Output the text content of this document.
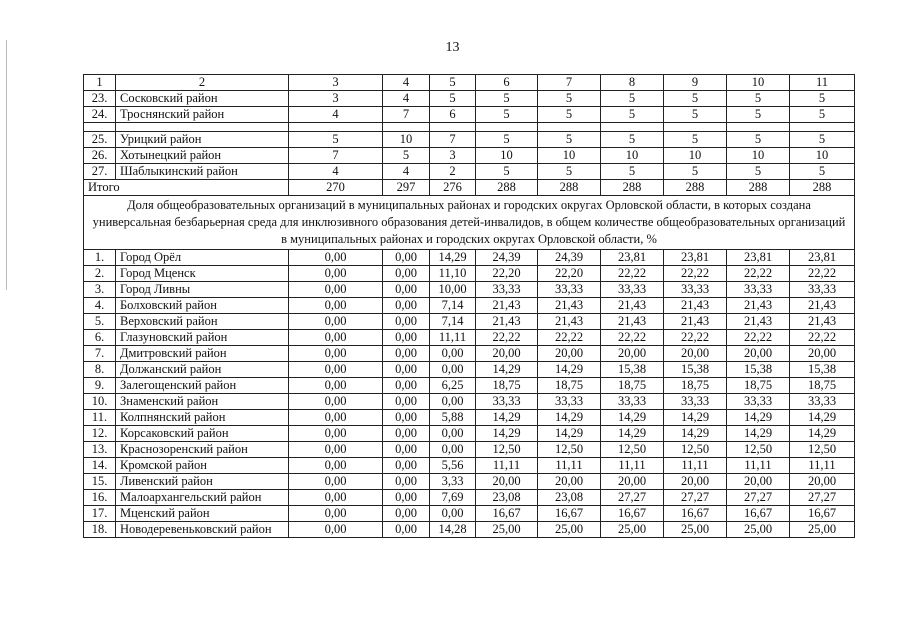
13
1	2	3	4	5	6	7	8	9	10	11
23.	Сосковский район	3	4	5	5	5	5	5	5	5
24.	Троснянский район	4	7	6	5	5	5	5	5	5

25.	Урицкий район	5	10	7	5	5	5	5	5	5
26.	Хотынецкий район	7	5	3	10	10	10	10	10	10
27.	Шаблыкинский район	4	4	2	5	5	5	5	5	5
Итого		270	297	276	288	288	288	288	288	288
Доля общеобразовательных организаций в муниципальных районах и городских округах Орловской области, в которых создана универсальная безбарьерная среда для инклюзивного образования детей-инвалидов, в общем количестве общеобразовательных организаций в муниципальных районах и городских округах Орловской области, %										
1.	Город Орёл	0,00	0,00	14,29	24,39	24,39	23,81	23,81	23,81	23,81
2.	Город Мценск	0,00	0,00	11,10	22,20	22,20	22,22	22,22	22,22	22,22
3.	Город Ливны	0,00	0,00	10,00	33,33	33,33	33,33	33,33	33,33	33,33
4.	Болховский район	0,00	0,00	7,14	21,43	21,43	21,43	21,43	21,43	21,43
5.	Верховский район	0,00	0,00	7,14	21,43	21,43	21,43	21,43	21,43	21,43
6.	Глазуновский район	0,00	0,00	11,11	22,22	22,22	22,22	22,22	22,22	22,22
7.	Дмитровский район	0,00	0,00	0,00	20,00	20,00	20,00	20,00	20,00	20,00
8.	Должанский район	0,00	0,00	0,00	14,29	14,29	15,38	15,38	15,38	15,38
9.	Залегощенский район	0,00	0,00	6,25	18,75	18,75	18,75	18,75	18,75	18,75
10.	Знаменский район	0,00	0,00	0,00	33,33	33,33	33,33	33,33	33,33	33,33
11.	Колпнянский район	0,00	0,00	5,88	14,29	14,29	14,29	14,29	14,29	14,29
12.	Корсаковский район	0,00	0,00	0,00	14,29	14,29	14,29	14,29	14,29	14,29
13.	Краснозоренский район	0,00	0,00	0,00	12,50	12,50	12,50	12,50	12,50	12,50
14.	Кромской район	0,00	0,00	5,56	11,11	11,11	11,11	11,11	11,11	11,11
15.	Ливенский район	0,00	0,00	3,33	20,00	20,00	20,00	20,00	20,00	20,00
16.	Малоархангельский район	0,00	0,00	7,69	23,08	23,08	27,27	27,27	27,27	27,27
17.	Мценский район	0,00	0,00	0,00	16,67	16,67	16,67	16,67	16,67	16,67
18.	Новодеревеньковский район	0,00	0,00	14,28	25,00	25,00	25,00	25,00	25,00	25,00
